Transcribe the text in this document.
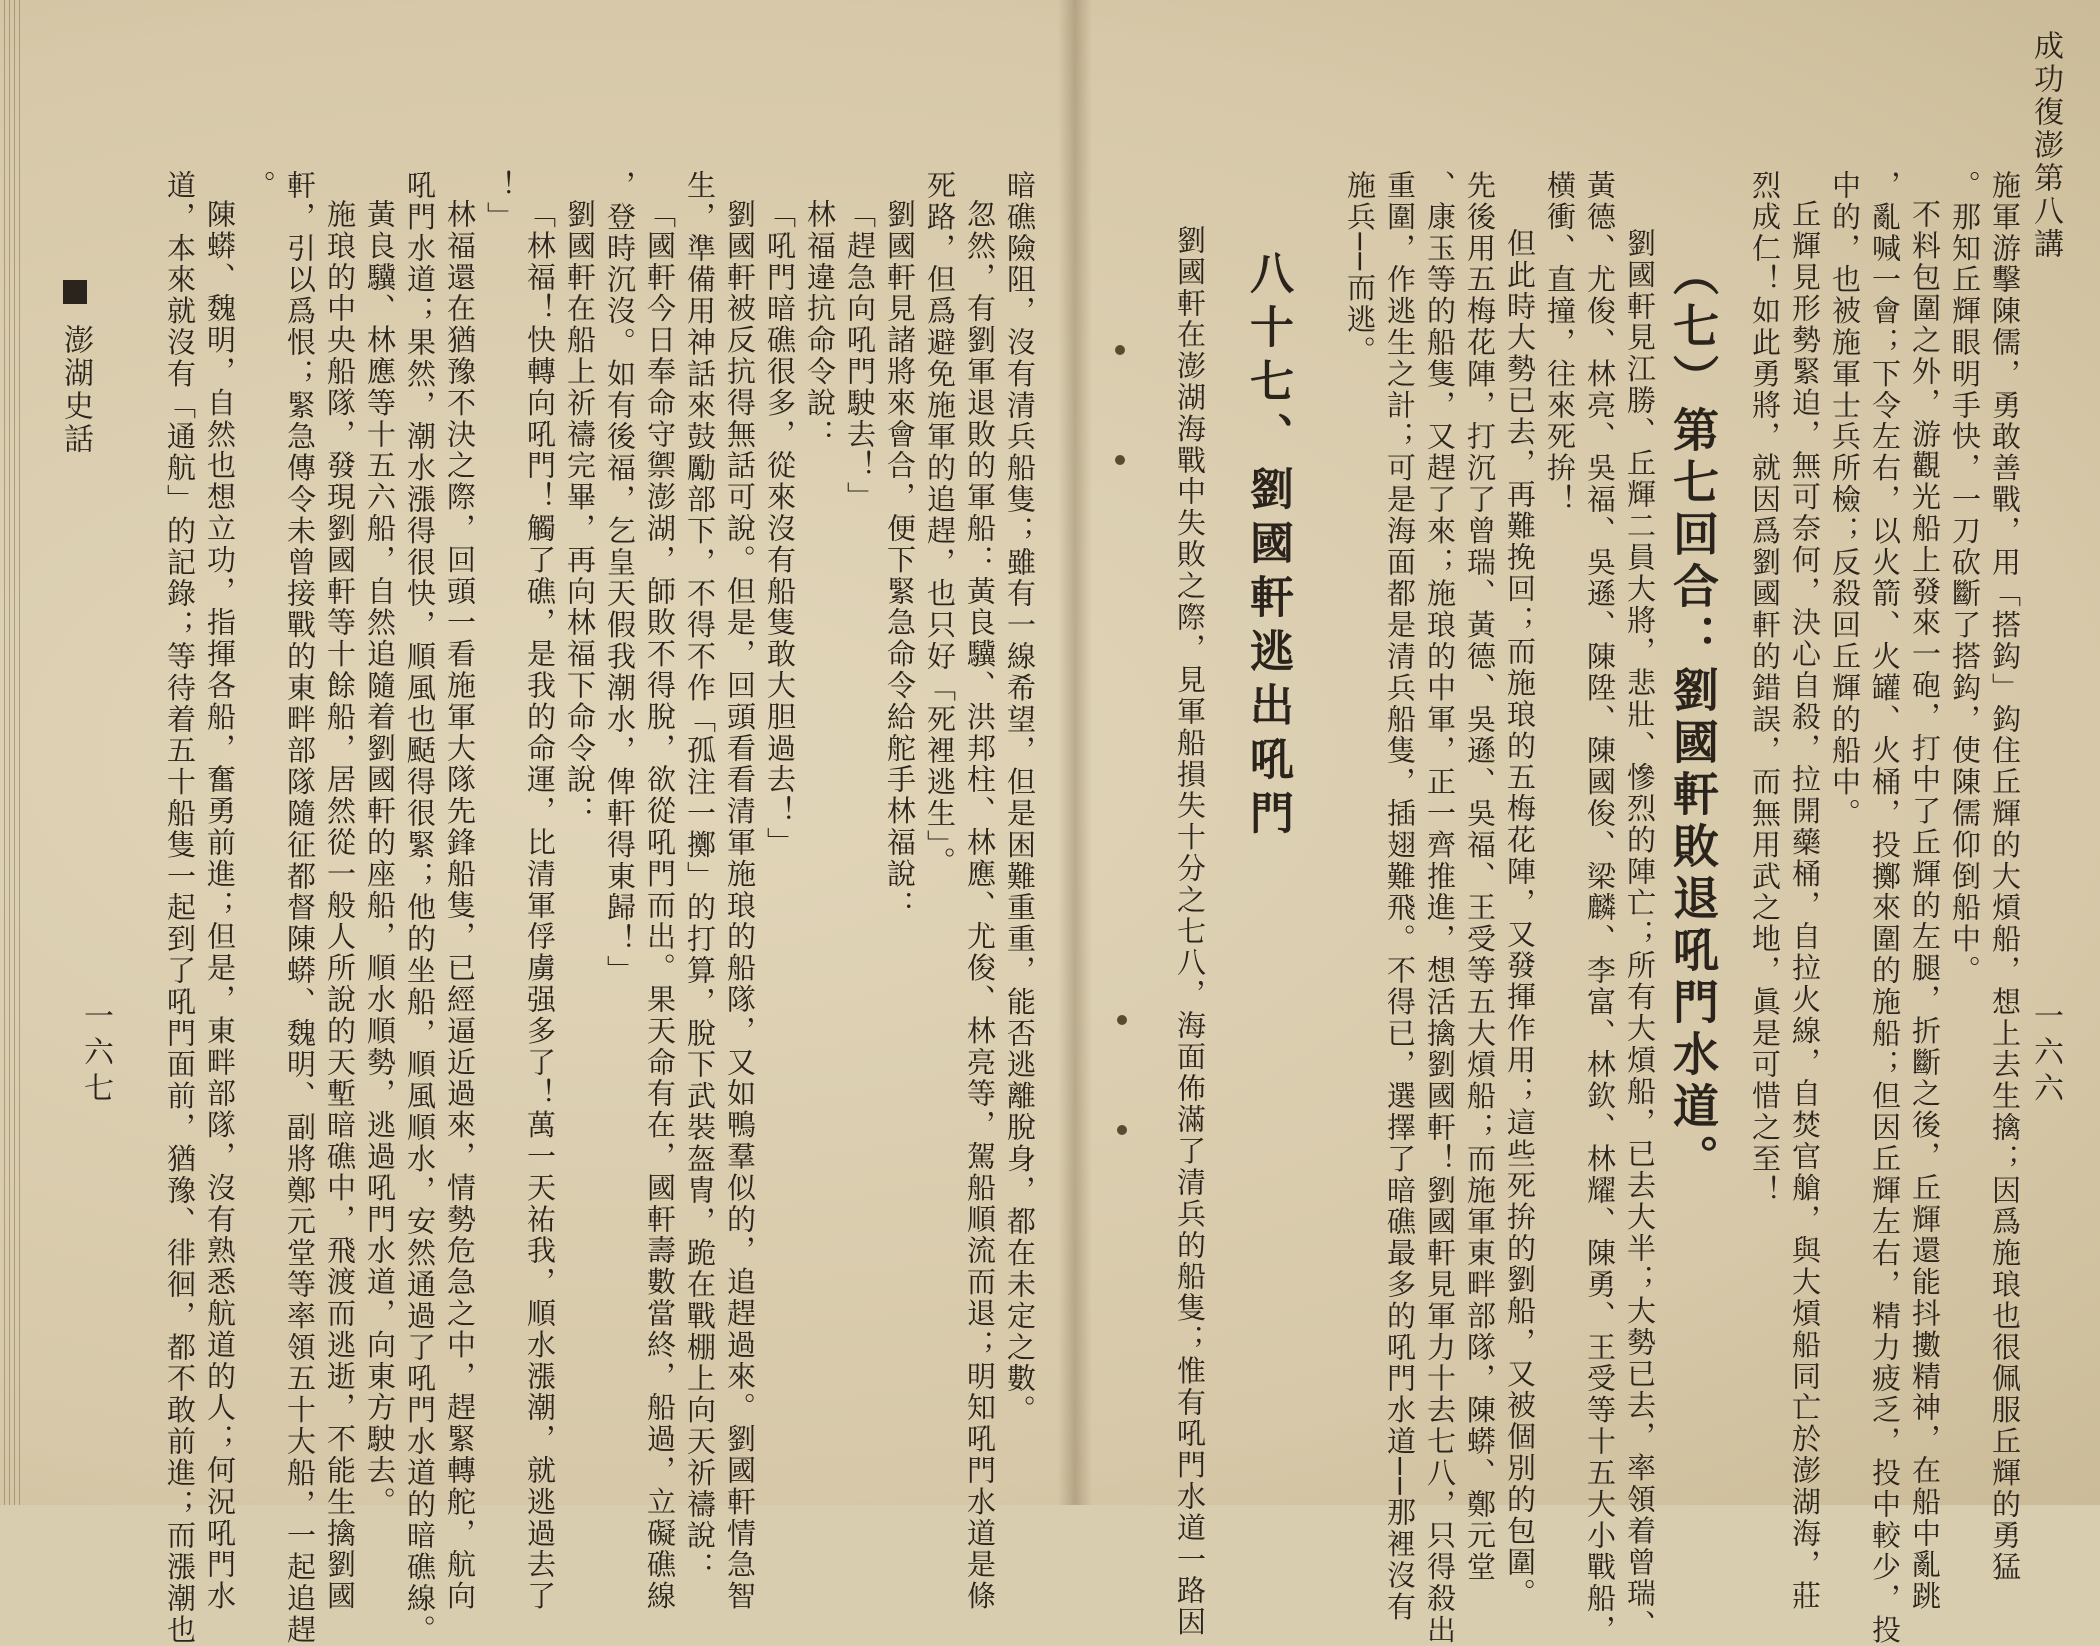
成功復澎第八講
一六六

施軍游擊陳儒，勇敢善戰，用「搭鈎」鈎住丘輝的大熕船，想上去生擒；因爲施琅也很佩服丘輝的勇猛

。那知丘輝眼明手快，一刀砍斷了搭鈎，使陳儒仰倒船中。

不料包圍之外，游觀光船上發來一砲，打中了丘輝的左腿，折斷之後，丘輝還能抖擻精神，在船中亂跳

，亂喊一會；下令左右，以火箭、火罐、火桶，投擲來圍的施船；但因丘輝左右，精力疲乏，投中較少，投

中的，也被施軍士兵所檢；反殺回丘輝的船中。

丘輝見形勢緊迫，無可奈何，決心自殺，拉開藥桶，自拉火線，自焚官艙，與大熕船同亡於澎湖海，莊

烈成仁！如此勇將，就因爲劉國軒的錯誤，而無用武之地，眞是可惜之至！

（七）第七回合：劉國軒敗退吼門水道。

劉國軒見江勝、丘輝二員大將，悲壯、慘烈的陣亡；所有大熕船，已去大半；大勢已去，率領着曾瑞、

黃德、尤俊、林亮、吳福、吳遜、陳陞、陳國俊、梁麟、李富、林欽、林耀、陳勇、王受等十五大小戰船，

横衝、直撞，往來死拚！

但此時大勢已去，再難挽回；而施琅的五梅花陣，又發揮作用；這些死拚的劉船，又被個別的包圍。

先後用五梅花陣，打沉了曾瑞、黃德、吳遜、吳福、王受等五大熕船；而施軍東畔部隊，陳蟒、鄭元堂

、康玉等的船隻，又趕了來；施琅的中軍，正一齊推進，想活擒劉國軒！劉國軒見軍力十去七八，只得殺出

重圍，作逃生之計；可是海面都是清兵船隻，插翅難飛。不得已，選擇了暗礁最多的吼門水道──那裡沒有

施兵──而逃。

八十七、劉國軒逃出吼門

劉國軒在澎湖海戰中失敗之際，見軍船損失十分之七八，海面佈滿了清兵的船隻；惟有吼門水道一路因

暗礁險阻，沒有清兵船隻；雖有一線希望，但是困難重重，能否逃離脫身，都在未定之數。

忽然，有劉軍退敗的軍船：黃良驥、洪邦柱、林應、尤俊、林亮等，駕船順流而退；明知吼門水道是條

死路，但爲避免施軍的追趕，也只好「死裡逃生」。

劉國軒見諸將來會合，便下緊急命令給舵手林福說：

「趕急向吼門駛去！」

林福違抗命令說：

「吼門暗礁很多，從來沒有船隻敢大胆過去！」

劉國軒被反抗得無話可說。但是，回頭看看清軍施琅的船隊，又如鴨羣似的，追趕過來。劉國軒情急智

生，準備用神話來鼓勵部下，不得不作「孤注一擲」的打算，脫下武裝盔冑，跪在戰棚上向天祈禱說：

「國軒今日奉命守禦澎湖，師敗不得脫，欲從吼門而出。果天命有在，國軒壽數當終，船過，立礙礁線

，登時沉沒。如有後福，乞皇天假我潮水，俾軒得東歸！」

劉國軒在船上祈禱完畢，再向林福下命令說：

「林福！快轉向吼門！觸了礁，是我的命運，比清軍俘虜强多了！萬一天祐我，順水漲潮，就逃過去了

！」

林福還在猶豫不決之際，回頭一看施軍大隊先鋒船隻，已經逼近過來，情勢危急之中，趕緊轉舵，航向

吼門水道；果然，潮水漲得很快，順風也颳得很緊；他的坐船，順風順水，安然通過了吼門水道的暗礁線。

黃良驥、林應等十五六船，自然追隨着劉國軒的座船，順水順勢，逃過吼門水道，向東方駛去。

施琅的中央船隊，發現劉國軒等十餘船，居然從一般人所說的天塹暗礁中，飛渡而逃逝，不能生擒劉國

軒，引以爲恨；緊急傳令未曾接戰的東畔部隊隨征都督陳蟒、魏明、副將鄭元堂等率領五十大船，一起追趕

。

陳蟒、魏明，自然也想立功，指揮各船，奮勇前進；但是，東畔部隊，沒有熟悉航道的人；何況吼門水

道，本來就沒有「通航」的記錄；等待着五十船隻一起到了吼門面前，猶豫、徘徊，都不敢前進；而漲潮也

澎湖史話
一六七
